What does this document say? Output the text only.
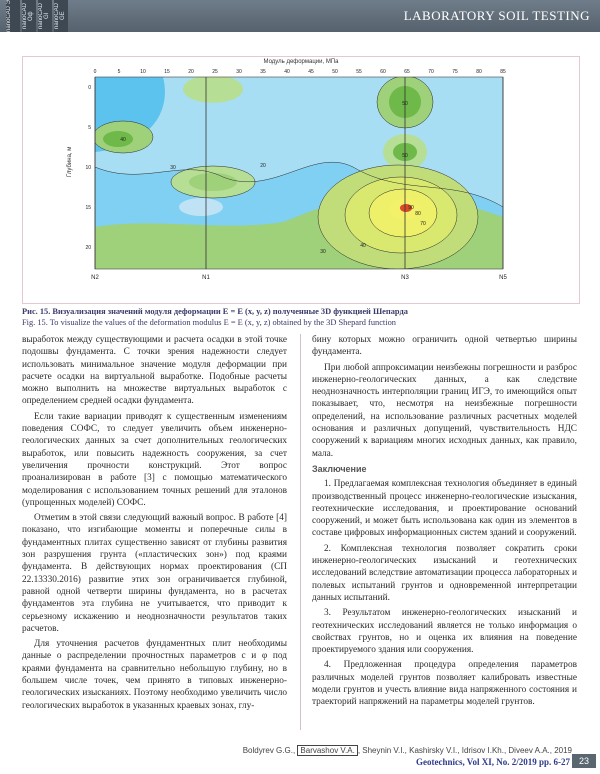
nanoCAD Э	nanoCAD Оф nanoCAD GI nanoCAD GE	LABORATORY SOIL TESTING
Модуль деформации, МПа
0	5	10	15	20	25	30	35	40	45	50	55	60	65	70	75	80	85
0
5
10
15
20
N2	N1	N3	N5
40
30	20
50
50
70
80
90
40
30
Глубина, м
Рис. 15. Визуализация значений модуля деформации E = E (x, y, z) полученные 3D функцией Шепарда
Fig. 15. To visualize the values of the deformation modulus E = E (x, y, z) obtained by the 3D Shepard function

выработок между существующими и расчета осадки в этой точке подошвы фундамента. С точки зрения надежности следует использовать минимальное значение модуля деформации при расчете осадки на виртуальной выработке. Подобные расчеты можно выполнить на множестве виртуальных выработок с определением средней осадки фундамента.

Если такие вариации приводят к существенным изменениям поведения СОФС, то следует увеличить объем инженерно-геологических данных за счет дополнительных геологических выработок, или повысить надежность сооружения, за счет увеличения прочности конструкций. Этот вопрос проанализирован в работе [3] с помощью математического моделирования с использованием точных решений для эталонов (упрощенных моделей) СОФС.

Отметим в этой связи следующий важный вопрос. В работе [4] показано, что изгибающие моменты и поперечные силы в фундаментных плитах существенно зависят от глубины развития зон разрушения грунта («пластических зон») под краями фундамента. В действующих нормах проектирования (СП 22.13330.2016) развитие этих зон ограничивается глубиной, равной одной четверти ширины фундамента, но в расчетах фундаментов эта глубина не учитывается, что приводит к серьезному искажению и неоднозначности результатов таких расчетов.

Для уточнения расчетов фундаментных плит необходимы данные о распределении прочностных параметров с и φ под краями фундамента на сравнительно небольшую глубину, но в большем числе точек, чем принято в типовых инженерно-геологических изысканиях. Поэтому необходимо увеличить число геологических выработок в указанных краевых зонах, глу-

бину которых можно ограничить одной четвертью ширины фундамента.

При любой аппроксимации неизбежны погрешности и разброс инженерно-геологических данных, а как следствие неоднозначность интерполяции границ ИГЭ, то имеющийся опыт показывает, что, несмотря на неизбежные погрешности определений, на использование различных расчетных моделей основания и различных допущений, чувствительность НДС сооружений к вариациям многих исходных данных, как правило, мала.

Заключение

1. Предлагаемая комплексная технология объединяет в единый производственный процесс инженерно-геологические изыскания, геотехнические исследования, и проектирование оснований сооружений, и может быть использована как один из элементов в составе цифровых информационных систем зданий и сооружений.

2. Комплексная технология позволяет сократить сроки инженерно-геологических изысканий и геотехнических исследований вследствие автоматизации процесса лабораторных и полевых испытаний грунтов и одновременной интерпретации данных испытаний.

3. Результатом инженерно-геологических изысканий и геотехнических исследований является не только информация о свойствах грунтов, но и оценка их влияния на поведение проектируемого здания или сооружения.

4. Предложенная процедура определения параметров различных моделей грунтов позволяет калибровать известные модели грунтов и учесть влияние вида напряженного состояния и траекторий напряжений на параметры моделей грунтов.

Boldyrev G.G., Barvashov V.A. , Sheynin V.I., Kashirsky V.I., Idrisov I.Kh., Diveev A.A., 2019
Geotechnics, Vol XI, No. 2/2019 pp. 6-27 23
